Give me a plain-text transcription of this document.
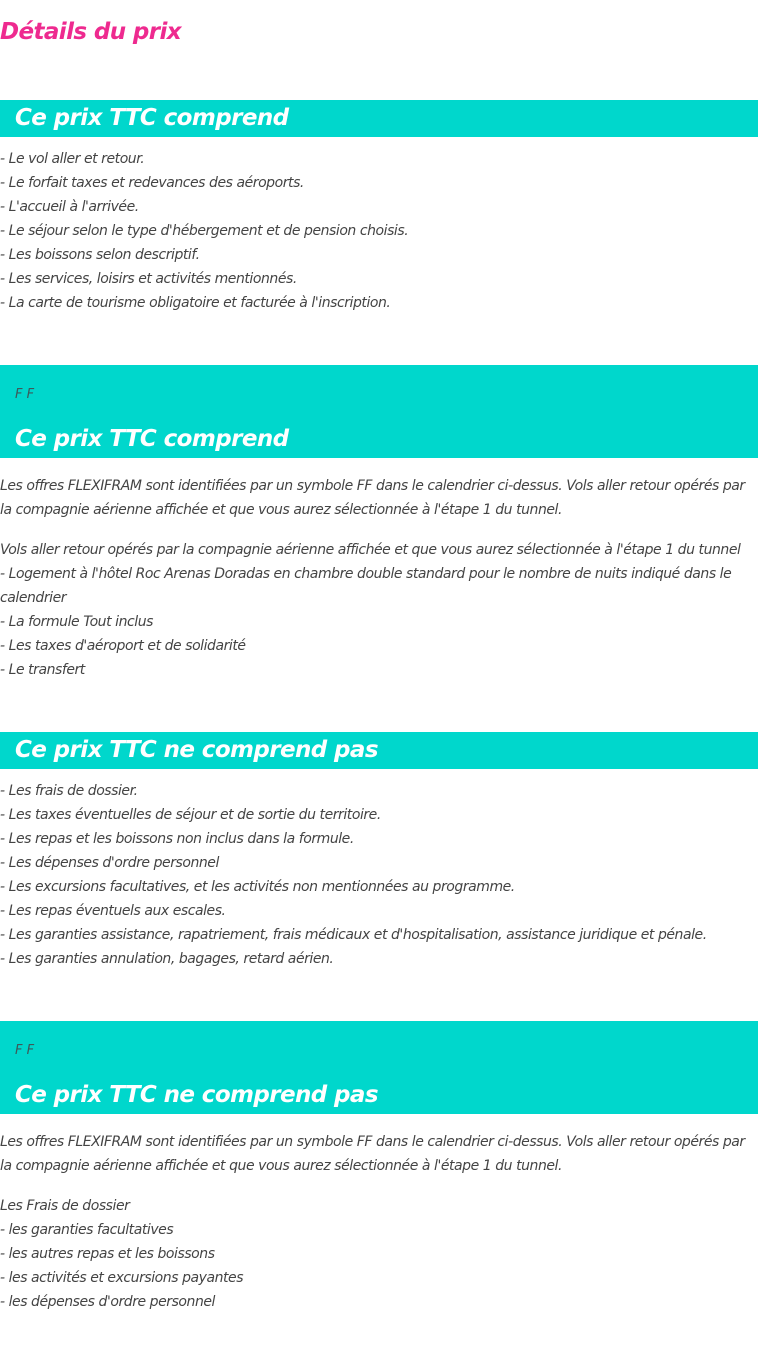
Détails du prix
Ce prix TTC comprend
- Le vol aller et retour.
- Le forfait taxes et redevances des aéroports.
- L'accueil à l'arrivée.
- Le séjour selon le type d'hébergement et de pension choisis.
- Les boissons selon descriptif.
- Les services, loisirs et activités mentionnés.
- La carte de tourisme obligatoire et facturée à l'inscription.
F F
Ce prix TTC comprend

Les offres FLEXIFRAM sont identifiées par un symbole FF dans le calendrier ci-dessus. Vols aller retour opérés par la compagnie aérienne affichée et que vous aurez sélectionnée à l'étape 1 du tunnel.

Vols aller retour opérés par la compagnie aérienne affichée et que vous aurez sélectionnée à l'étape 1 du tunnel

- Logement à l'hôtel Roc Arenas Doradas en chambre double standard pour le nombre de nuits indiqué dans le calendrier

- La formule Tout inclus
- Les taxes d'aéroport et de solidarité
- Le transfert
Ce prix TTC ne comprend pas
- Les frais de dossier.
- Les taxes éventuelles de séjour et de sortie du territoire.
- Les repas et les boissons non inclus dans la formule.
- Les dépenses d'ordre personnel
- Les excursions facultatives, et les activités non mentionnées au programme.
- Les repas éventuels aux escales.
- Les garanties assistance, rapatriement, frais médicaux et d'hospitalisation, assistance juridique et pénale.
- Les garanties annulation, bagages, retard aérien.
F F
Ce prix TTC ne comprend pas

Les offres FLEXIFRAM sont identifiées par un symbole FF dans le calendrier ci-dessus. Vols aller retour opérés par la compagnie aérienne affichée et que vous aurez sélectionnée à l'étape 1 du tunnel.

Les Frais de dossier
- les garanties facultatives
- les autres repas et les boissons
- les activités et excursions payantes
- les dépenses d'ordre personnel
